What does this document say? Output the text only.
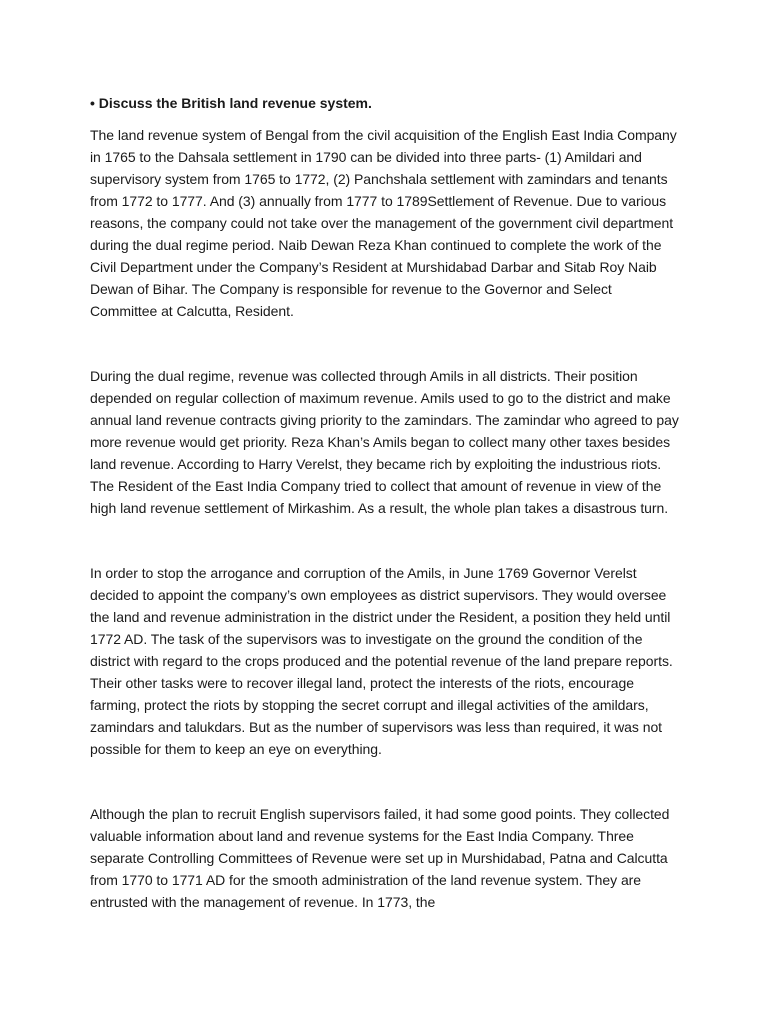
• Discuss the British land revenue system.

The land revenue system of Bengal from the civil acquisition of the English East India Company in 1765 to the Dahsala settlement in 1790 can be divided into three parts- (1) Amildari and supervisory system from 1765 to 1772, (2) Panchshala settlement with zamindars and tenants from 1772 to 1777. And (3) annually from 1777 to 1789Settlement of Revenue. Due to various reasons, the company could not take over the management of the government civil department during the dual regime period. Naib Dewan Reza Khan continued to complete the work of the Civil Department under the Company’s Resident at Murshidabad Darbar and Sitab Roy Naib Dewan of Bihar. The Company is responsible for revenue to the Governor and Select Committee at Calcutta, Resident.

During the dual regime, revenue was collected through Amils in all districts. Their position depended on regular collection of maximum revenue. Amils used to go to the district and make annual land revenue contracts giving priority to the zamindars. The zamindar who agreed to pay more revenue would get priority. Reza Khan’s Amils began to collect many other taxes besides land revenue. According to Harry Verelst, they became rich by exploiting the industrious riots. The Resident of the East India Company tried to collect that amount of revenue in view of the high land revenue settlement of Mirkashim. As a result, the whole plan takes a disastrous turn.

In order to stop the arrogance and corruption of the Amils, in June 1769 Governor Verelst decided to appoint the company’s own employees as district supervisors. They would oversee the land and revenue administration in the district under the Resident, a position they held until 1772 AD. The task of the supervisors was to investigate on the ground the condition of the district with regard to the crops produced and the potential revenue of the land prepare reports. Their other tasks were to recover illegal land, protect the interests of the riots, encourage farming, protect the riots by stopping the secret corrupt and illegal activities of the amildars, zamindars and talukdars. But as the number of supervisors was less than required, it was not possible for them to keep an eye on everything.

Although the plan to recruit English supervisors failed, it had some good points. They collected valuable information about land and revenue systems for the East India Company. Three separate Controlling Committees of Revenue were set up in Murshidabad, Patna and Calcutta from 1770 to 1771 AD for the smooth administration of the land revenue system. They are entrusted with the management of revenue. In 1773, the
